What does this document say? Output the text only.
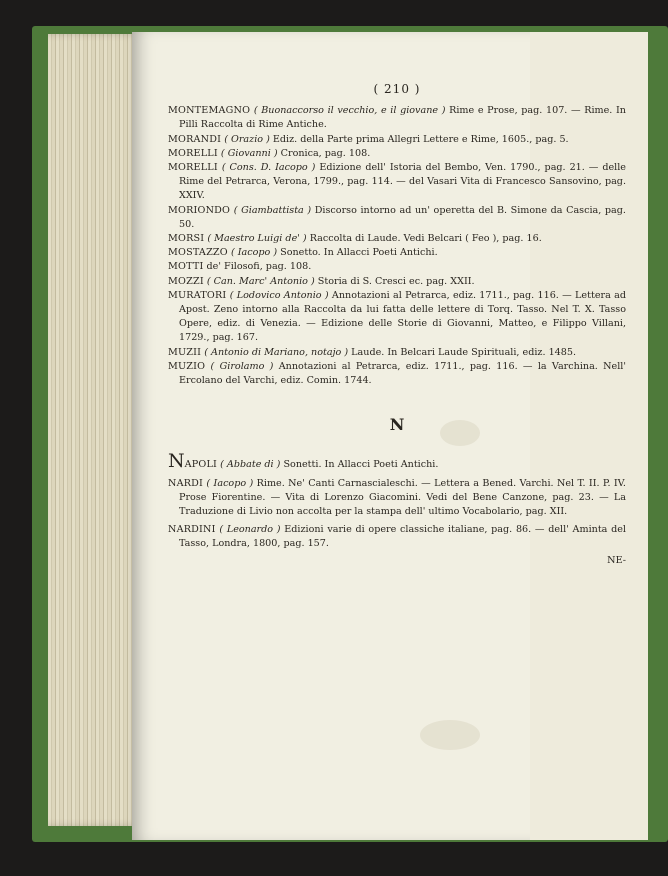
( 210 )

MONTEMAGNO ( Buonaccorso il vecchio, e il giovane ) Rime e Prose, pag. 107. — Rime. In Pilli Raccolta di Rime Antiche.

MORANDI ( Orazio ) Ediz. della Parte prima Allegri Lettere e Rime, 1605., pag. 5.

MORELLI ( Giovanni ) Cronica, pag. 108.

MORELLI ( Cons. D. Iacopo ) Edizione dell' Istoria del Bembo, Ven. 1790., pag. 21. — delle Rime del Petrarca, Verona, 1799., pag. 114. — del Vasari Vita di Francesco Sansovino, pag. XXIV.

MORIONDO ( Giambattista ) Discorso intorno ad un' operetta del B. Simone da Cascia, pag. 50.

MORSI ( Maestro Luigi de' ) Raccolta di Laude. Vedi Belcari ( Feo ), pag. 16.

MOSTAZZO ( Iacopo ) Sonetto. In Allacci Poeti Antichi.

MOTTI de' Filosofi, pag. 108.

MOZZI ( Can. Marc' Antonio ) Storia di S. Cresci ec. pag. XXII.

MURATORI ( Lodovico Antonio ) Annotazioni al Petrarca, ediz. 1711., pag. 116. — Lettera ad Apost. Zeno intorno alla Raccolta da lui fatta delle lettere di Torq. Tasso. Nel T. X. Tasso Opere, ediz. di Venezia. — Edizione delle Storie di Giovanni, Matteo, e Filippo Villani, 1729., pag. 167.

MUZII ( Antonio di Mariano, notajo ) Laude. In Belcari Laude Spirituali, ediz. 1485.

MUZIO ( Girolamo ) Annotazioni al Petrarca, ediz. 1711., pag. 116. — la Varchina. Nell' Ercolano del Varchi, ediz. Comin. 1744.

N

NAPOLI ( Abbate di ) Sonetti. In Allacci Poeti Antichi.

NARDI ( Iacopo ) Rime. Ne' Canti Carnascialeschi. — Lettera a Bened. Varchi. Nel T. II. P. IV. Prose Fiorentine. — Vita di Lorenzo Giacomini. Vedi del Bene Canzone, pag. 23. — La Traduzione di Livio non accolta per la stampa dell' ultimo Vocabolario, pag. XII.

NARDINI ( Leonardo ) Edizioni varie di opere classiche italiane, pag. 86. — dell' Aminta del Tasso, Londra, 1800, pag. 157.

NE-
